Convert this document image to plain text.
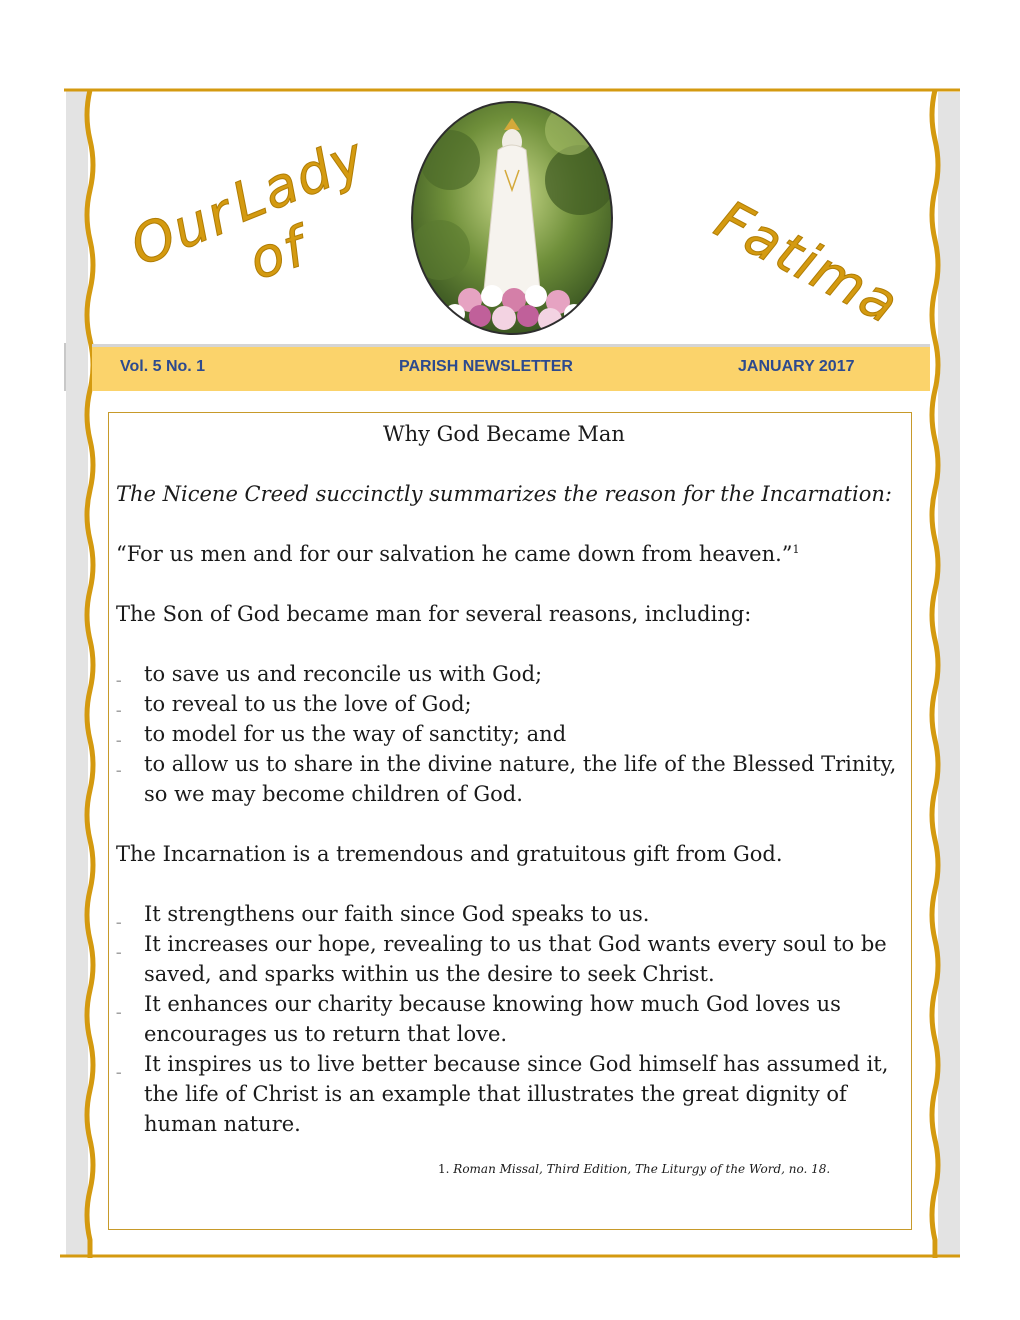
Our
Lady
of	Fatima
Vol. 5 No. 1	PARISH NEWSLETTER	JANUARY 2017
Why God Became Man
The Nicene Creed succinctly summarizes the reason for the Incarnation:
“For us men and for our salvation he came down from heaven.”$^1$
The Son of God became man for several reasons, including:
– to save us and reconcile us with God;
– to reveal to us the love of God;
– to model for us the way of sanctity; and
– to allow us to share in the divine nature, the life of the Blessed Trinity,
so we may become children of God.
The Incarnation is a tremendous and gratuitous gift from God.
– It strengthens our faith since God speaks to us.
– It increases our hope, revealing to us that God wants every soul to be
saved, and sparks within us the desire to seek Christ.
– It enhances our charity because knowing how much God loves us
encourages us to return that love.
– It inspires us to live better because since God himself has assumed it,
the life of Christ is an example that illustrates the great dignity of
human nature.
1. Roman Missal, Third Edition, The Liturgy of the Word, no. 18.
